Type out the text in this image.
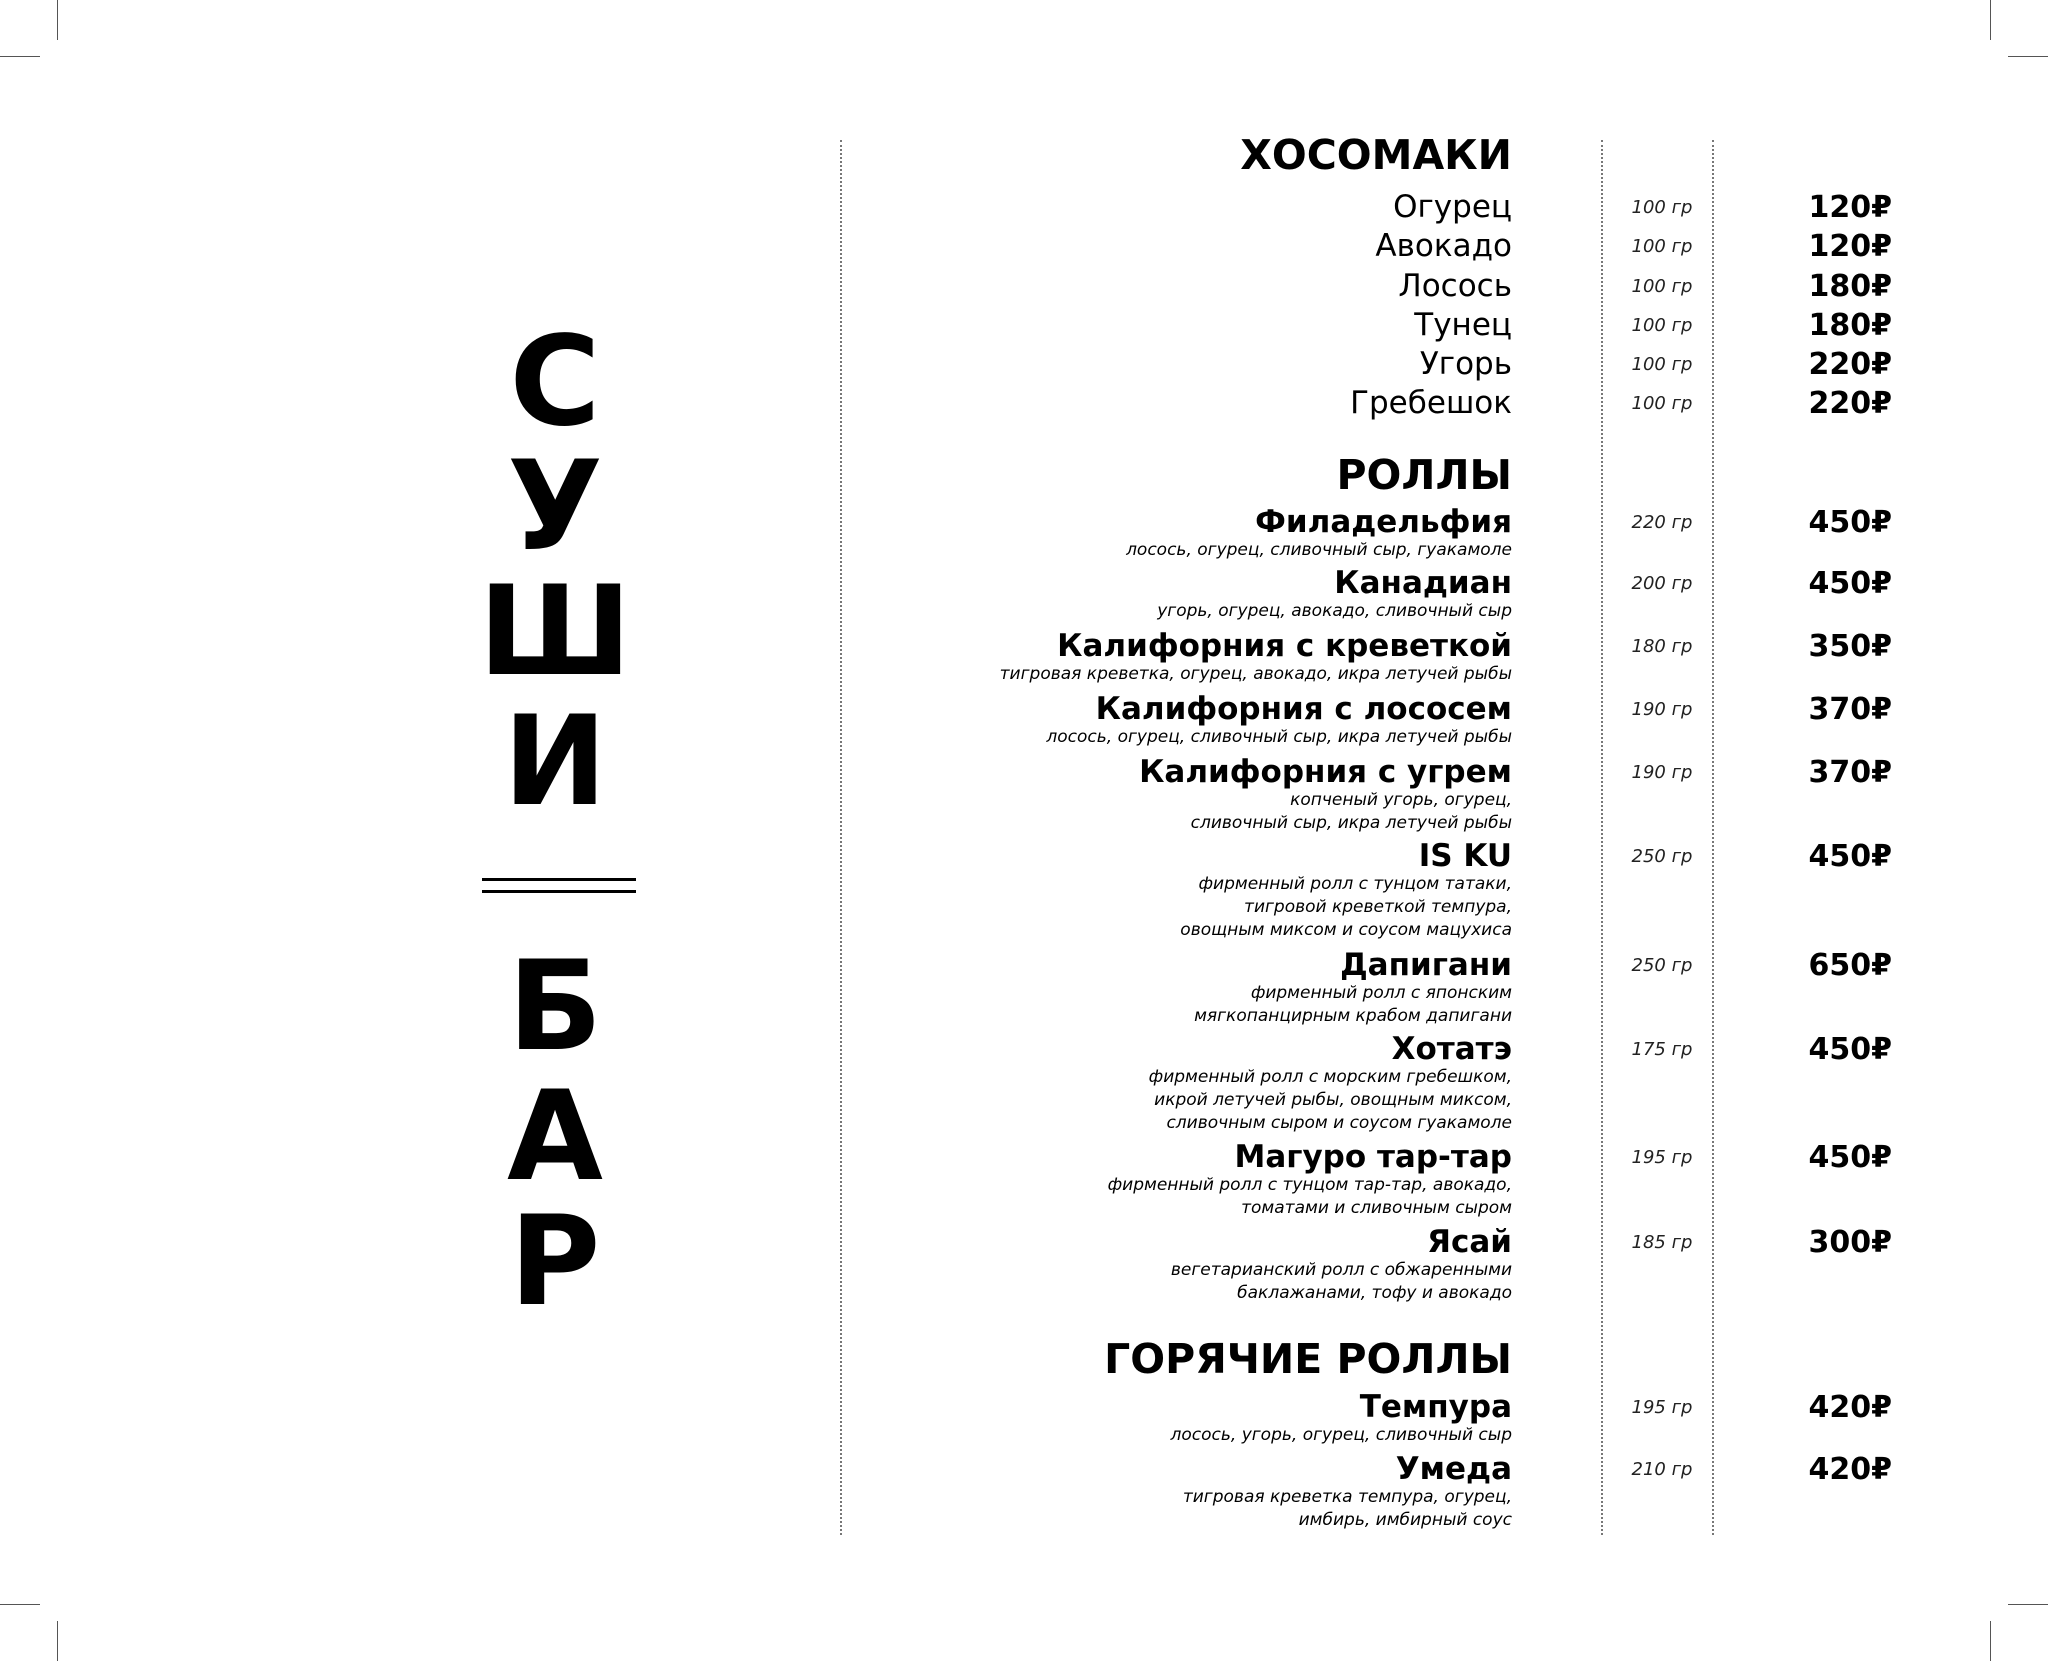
С
У
Ш
И
Б
А
Р
ХОСОМАКИ
Огурец	100 гр	120₽
Авокадо	100 гр	120₽
Лосось	100 гр	180₽
Тунец	100 гр	180₽
Угорь	100 гр	220₽
Гребешок	100 гр	220₽
РОЛЛЫ
Филадельфия	220 гр	450₽
лосось, огурец, сливочный сыр, гуакамоле
Канадиан	200 гр	450₽
угорь, огурец, авокадо, сливочный сыр
Калифорния с креветкой	180 гр	350₽
тигровая креветка, огурец, авокадо, икра летучей рыбы
Калифорния с лососем	190 гр	370₽
лосось, огурец, сливочный сыр, икра летучей рыбы
Калифорния с угрем	190 гр	370₽
копченый угорь, огурец,
сливочный сыр, икра летучей рыбы
IS KU	250 гр	450₽
фирменный ролл с тунцом татаки,
тигровой креветкой темпура,
овощным миксом и соусом мацухиса
Дапигани	250 гр	650₽
фирменный ролл с японским
мягкопанцирным крабом дапигани
Хотатэ	175 гр	450₽
фирменный ролл с морским гребешком,
икрой летучей рыбы, овощным миксом,
сливочным сыром и соусом гуакамоле
Магуро тар-тар	195 гр	450₽
фирменный ролл с тунцом тар-тар, авокадо,
томатами и сливочным сыром
Ясай	185 гр	300₽
вегетарианский ролл с обжаренными
баклажанами, тофу и авокадо
ГОРЯЧИЕ РОЛЛЫ
Темпура	195 гр	420₽
лосось, угорь, огурец, сливочный сыр
Умеда	210 гр	420₽
тигровая креветка темпура, огурец,
имбирь, имбирный соус
